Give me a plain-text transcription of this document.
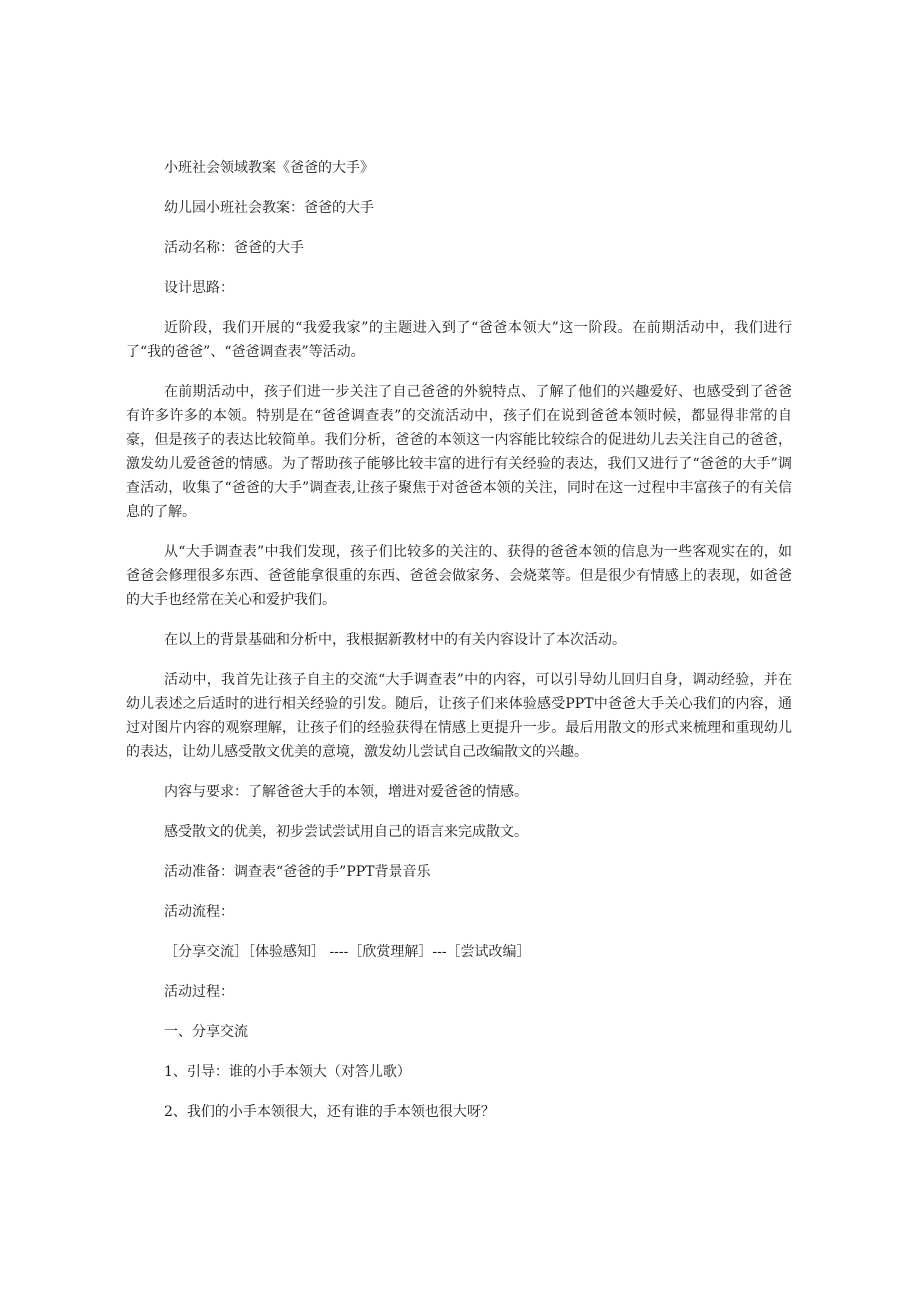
小班社会领域教案《爸爸的大手》

幼儿园小班社会教案：爸爸的大手

活动名称：爸爸的大手

设计思路：

近阶段，我们开展的“我爱我家”的主题进入到了“爸爸本领大”这一阶段。在前期活动中，我们进行了“我的爸爸”、“爸爸调查表”等活动。

在前期活动中，孩子们进一步关注了自己爸爸的外貌特点、了解了他们的兴趣爱好、也感受到了爸爸有许多许多的本领。特别是在“爸爸调查表”的交流活动中，孩子们在说到爸爸本领时候，都显得非常的自豪，但是孩子的表达比较简单。我们分析，爸爸的本领这一内容能比较综合的促进幼儿去关注自己的爸爸，激发幼儿爱爸爸的情感。为了帮助孩子能够比较丰富的进行有关经验的表达，我们又进行了“爸爸的大手”调查活动，收集了“爸爸的大手”调查表,让孩子聚焦于对爸爸本领的关注，同时在这一过程中丰富孩子的有关信息的了解。

从“大手调查表”中我们发现，孩子们比较多的关注的、获得的爸爸本领的信息为一些客观实在的，如爸爸会修理很多东西、爸爸能拿很重的东西、爸爸会做家务、会烧菜等。但是很少有情感上的表现，如爸爸的大手也经常在关心和爱护我们。

在以上的背景基础和分析中，我根据新教材中的有关内容设计了本次活动。

活动中，我首先让孩子自主的交流“大手调查表”中的内容，可以引导幼儿回归自身，调动经验，并在幼儿表述之后适时的进行相关经验的引发。随后，让孩子们来体验感受PPT中爸爸大手关心我们的内容，通过对图片内容的观察理解，让孩子们的经验获得在情感上更提升一步。最后用散文的形式来梳理和重现幼儿的表达，让幼儿感受散文优美的意境，激发幼儿尝试自己改编散文的兴趣。

内容与要求：了解爸爸大手的本领，增进对爱爸爸的情感。

感受散文的优美，初步尝试尝试用自己的语言来完成散文。

活动准备：调查表“爸爸的手”PPT背景音乐

活动流程：

［分享交流］［体验感知］ ----［欣赏理解］---［尝试改编］

活动过程：

一、分享交流

1、引导：谁的小手本领大（对答儿歌）

2、我们的小手本领很大，还有谁的手本领也很大呀？
